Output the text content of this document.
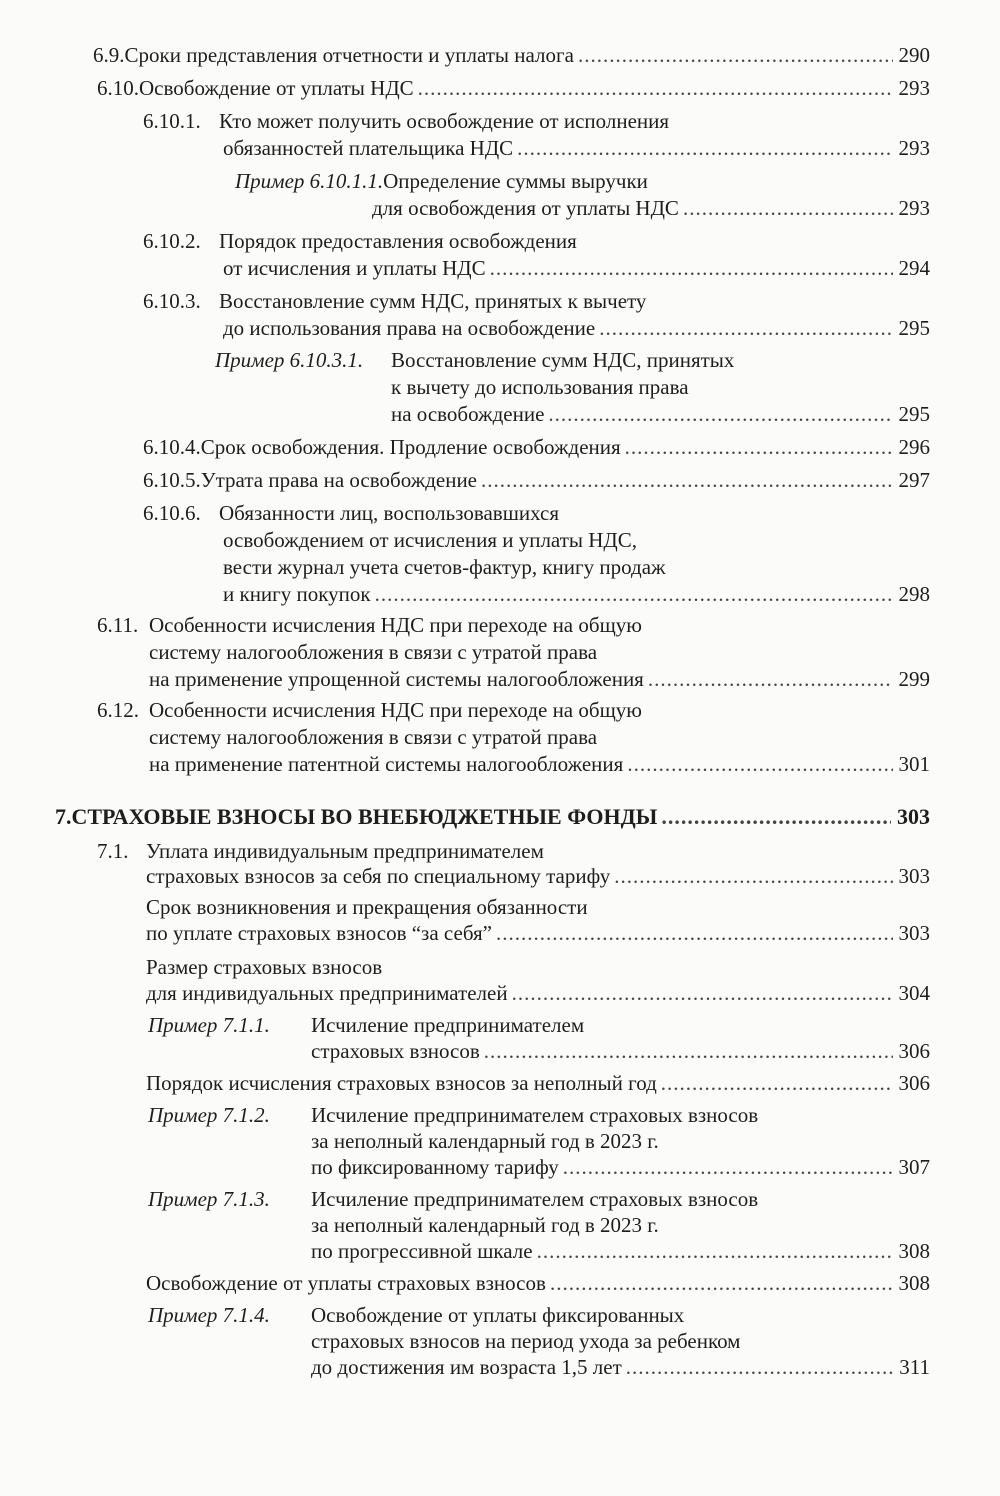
6.9. Сроки представления отчетности и уплаты налога .....	290
6.10. Освобождение от уплаты НДС .....	293
6.10.1. Кто может получить освобождение от исполнения
обязанностей плательщика НДС .....	293
Пример 6.10.1.1. Определение суммы выручки
для освобождения от уплаты НДС .....	293
6.10.2. Порядок предоставления освобождения
от исчисления и уплаты НДС .....	294
6.10.3. Восстановление сумм НДС, принятых к вычету
до использования права на освобождение .....	295
Пример 6.10.3.1.	Восстановление сумм НДС, принятых
к вычету до использования права
на освобождение .....	295
6.10.4. Срок освобождения. Продление освобождения .....	296
6.10.5. Утрата права на освобождение .....	297
6.10.6. Обязанности лиц, воспользовавшихся
освобождением от исчисления и уплаты НДС,
вести журнал учета счетов-фактур, книгу продаж
и книгу покупок .....	298
6.11. Особенности исчисления НДС при переходе на общую
систему налогообложения в связи с утратой права
на применение упрощенной системы налогообложения .....	299
6.12. Особенности исчисления НДС при переходе на общую
систему налогообложения в связи с утратой права
на применение патентной системы налогообложения .....	301
7. СТРАХОВЫЕ ВЗНОСЫ ВО ВНЕБЮДЖЕТНЫЕ ФОНДЫ .....	303
7.1. Уплата индивидуальным предпринимателем
страховых взносов за себя по специальному тарифу .....	303
Срок возникновения и прекращения обязанности
по уплате страховых взносов “за себя” .....	303
Размер страховых взносов
для индивидуальных предпринимателей .....	304
Пример 7.1.1.	Исчиление предпринимателем
страховых взносов .....	306
Порядок исчисления страховых взносов за неполный год .....	306
Пример 7.1.2.	Исчиление предпринимателем страховых взносов
за неполный календарный год в 2023 г.
по фиксированному тарифу .....	307
Пример 7.1.3.	Исчиление предпринимателем страховых взносов
за неполный календарный год в 2023 г.
по прогрессивной шкале .....	308
Освобождение от уплаты страховых взносов .....	308
Пример 7.1.4.	Освобождение от уплаты фиксированных
страховых взносов на период ухода за ребенком
до достижения им возраста 1,5 лет .....	311
